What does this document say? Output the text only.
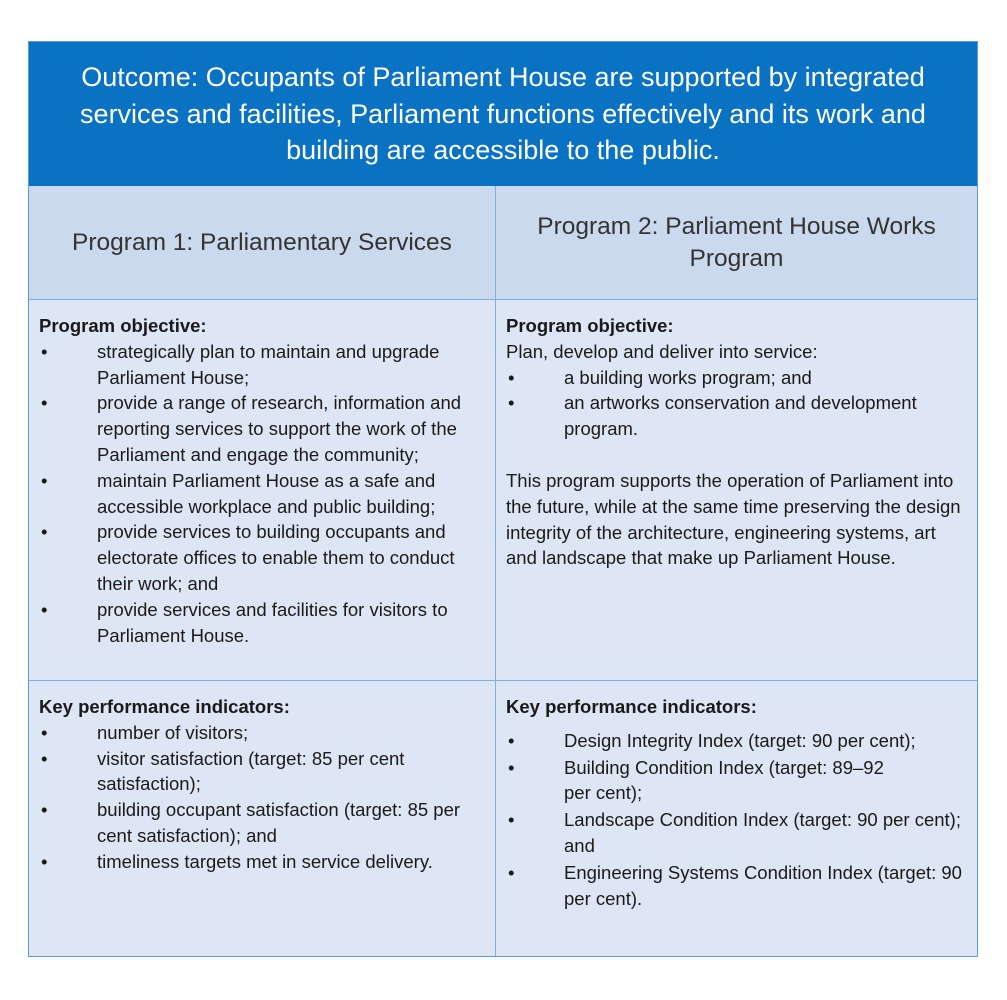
Outcome: Occupants of Parliament House are supported by integrated services and facilities, Parliament functions effectively and its work and building are accessible to the public.
Program 1: Parliamentary Services
Program 2: Parliament House Works Program
Program objective:
• strategically plan to maintain and upgrade Parliament House;
• provide a range of research, information and reporting services to support the work of the Parliament and engage the community;
• maintain Parliament House as a safe and accessible workplace and public building;
• provide services to building occupants and electorate offices to enable them to conduct their work; and
• provide services and facilities for visitors to Parliament House.
Program objective:
Plan, develop and deliver into service:
• a building works program; and
• an artworks conservation and development program.
This program supports the operation of Parliament into the future, while at the same time preserving the design integrity of the architecture, engineering systems, art and landscape that make up Parliament House.
Key performance indicators:
• number of visitors;
• visitor satisfaction (target: 85 per cent satisfaction);
• building occupant satisfaction (target: 85 per cent satisfaction); and
• timeliness targets met in service delivery.
Key performance indicators:
• Design Integrity Index (target: 90 per cent);
• Building Condition Index (target: 89–92 per cent);
• Landscape Condition Index (target: 90 per cent); and
• Engineering Systems Condition Index (target: 90 per cent).
